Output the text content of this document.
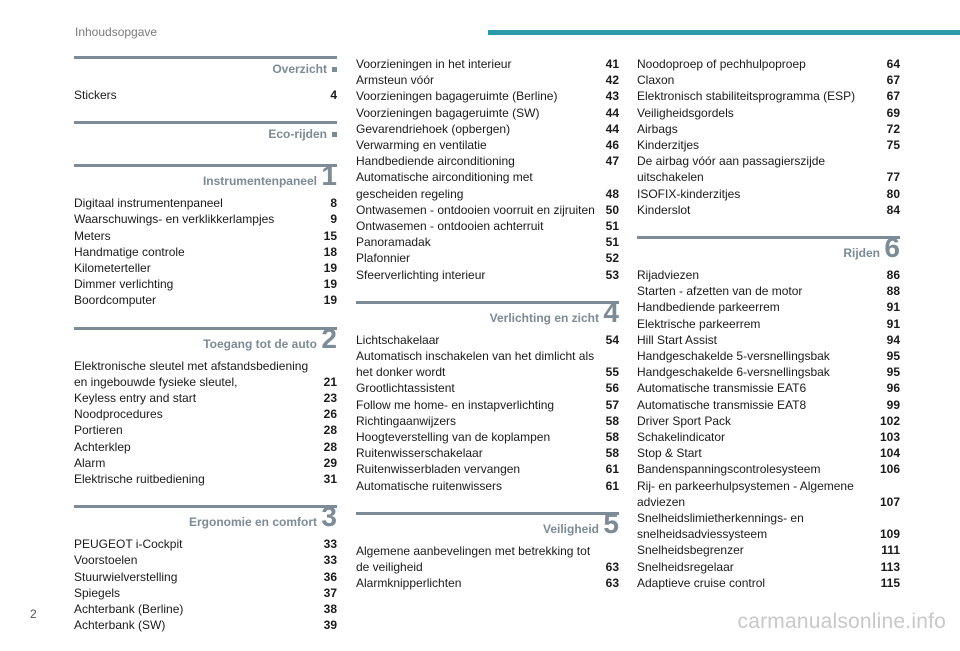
Inhoudsopgave
Overzicht
Stickers	4
Eco-rijden
Instrumentenpaneel 1
Digitaal instrumentenpaneel	8
Waarschuwings- en verklikkerlampjes	9
Meters	15
Handmatige controle	18
Kilometerteller	19
Dimmer verlichting	19
Boordcomputer	19
Toegang tot de auto 2
Elektronische sleutel met afstandsbediening en ingebouwde fysieke sleutel,	21
Keyless entry and start	23
Noodprocedures	26
Portieren	28
Achterklep	28
Alarm	29
Elektrische ruitbediening	31
Ergonomie en comfort 3
PEUGEOT i-Cockpit	33
Voorstoelen	33
Stuurwielverstelling	36
Spiegels	37
Achterbank (Berline)	38
Achterbank (SW)	39
Voorzieningen in het interieur	41
Armsteun vóór	42
Voorzieningen bagageruimte (Berline)	43
Voorzieningen bagageruimte (SW)	44
Gevarendriehoek (opbergen)	44
Verwarming en ventilatie	46
Handbediende airconditioning	47
Automatische airconditioning met gescheiden regeling	48
Ontwasemen - ontdooien voorruit en zijruiten 50
Ontwasemen - ontdooien achterruit	51
Panoramadak	51
Plafonnier	52
Sfeerverlichting interieur	53
Verlichting en zicht 4
Lichtschakelaar	54
Automatisch inschakelen van het dimlicht als het donker wordt	55
Grootlichtassistent	56
Follow me home- en instapverlichting	57
Richtingaanwijzers	58
Hoogteverstelling van de koplampen	58
Ruitenwisserschakelaar	58
Ruitenwisserbladen vervangen	61
Automatische ruitenwissers	61
Veiligheid 5
Algemene aanbevelingen met betrekking tot de veiligheid	63
Alarmknipperlichten	63
Noodoproep of pechhulpoproep	64
Claxon	67
Elektronisch stabiliteitsprogramma (ESP)	67
Veiligheidsgordels	69
Airbags	72
Kinderzitjes	75
De airbag vóór aan passagierszijde uitschakelen	77
ISOFIX-kinderzitjes	80
Kinderslot	84
Rijden 6
Rijadviezen	86
Starten - afzetten van de motor	88
Handbediende parkeerrem	91
Elektrische parkeerrem	91
Hill Start Assist	94
Handgeschakelde 5-versnellingsbak	95
Handgeschakelde 6-versnellingsbak	95
Automatische transmissie EAT6	96
Automatische transmissie EAT8	99
Driver Sport Pack	102
Schakelindicator	103
Stop & Start	104
Bandenspanningscontrolesysteem	106
Rij- en parkeerhulpsystemen - Algemene adviezen	107
Snelheidslimietherkennings- en snelheidsadviessysteem	109
Snelheidsbegrenzer	111
Snelheidsregelaar	113
Adaptieve cruise control	115
2	carmanualsonline.info
